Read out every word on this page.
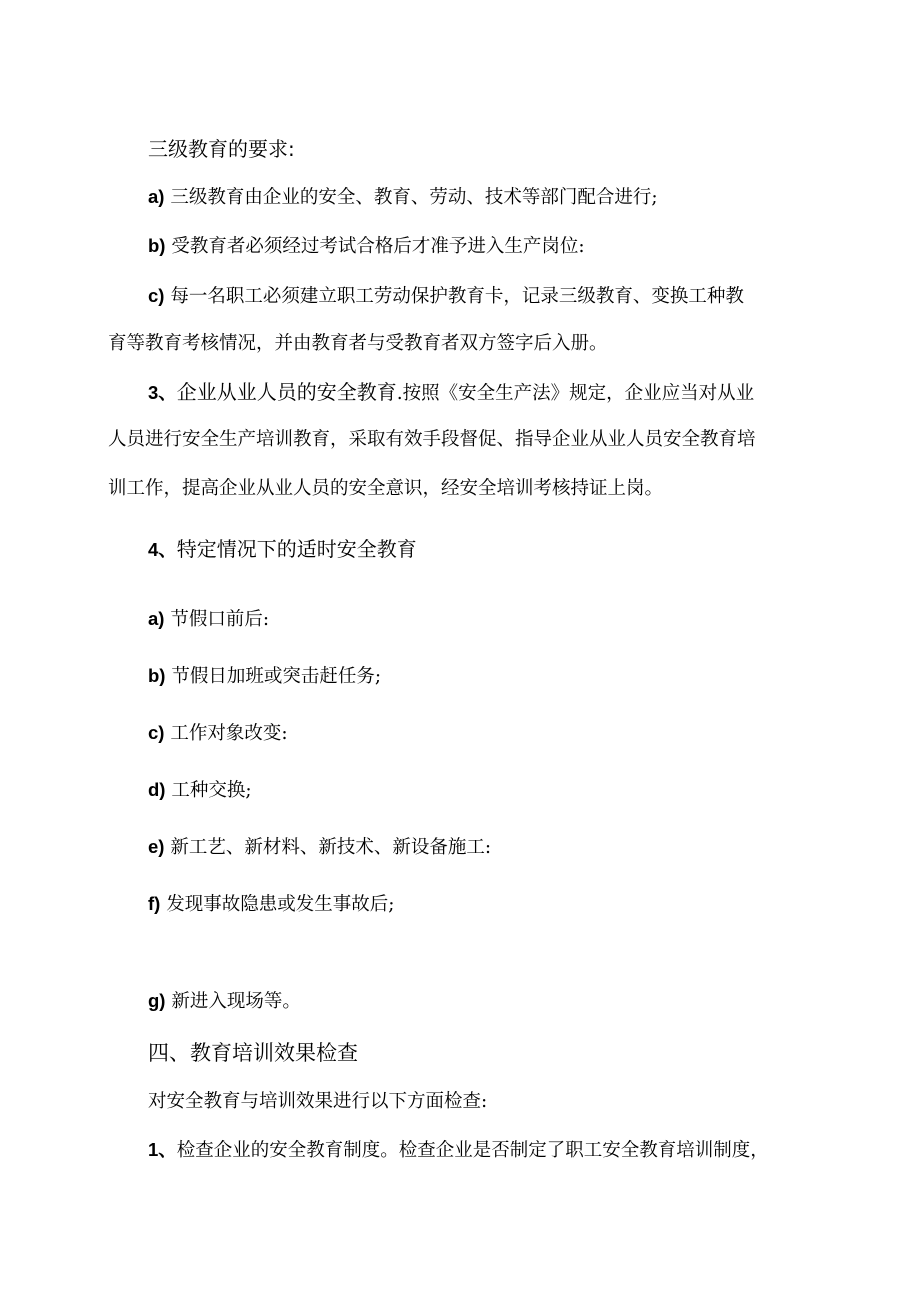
三级教育的要求:
a) 三级教育由企业的安全、教育、劳动、技术等部门配合进行;
b) 受教育者必须经过考试合格后才准予进入生产岗位:
c) 每一名职工必须建立职工劳动保护教育卡，记录三级教育、变换工种教
育等教育考核情况，并由教育者与受教育者双方签字后入册。
3、企业从业人员的安全教育.按照《安全生产法》规定，企业应当对从业
人员进行安全生产培训教育，采取有效手段督促、指导企业从业人员安全教育培
训工作，提高企业从业人员的安全意识，经安全培训考核持证上岗。
4、特定情况下的适时安全教育
a) 节假口前后:
b) 节假日加班或突击赶任务;
c) 工作对象改变:
d) 工种交换;
e) 新工艺、新材料、新技术、新设备施工:
f) 发现事故隐患或发生事故后;
g) 新进入现场等。
四、教育培训效果检查
对安全教育与培训效果进行以下方面检查:
1、检查企业的安全教育制度。检查企业是否制定了职工安全教育培训制度，
